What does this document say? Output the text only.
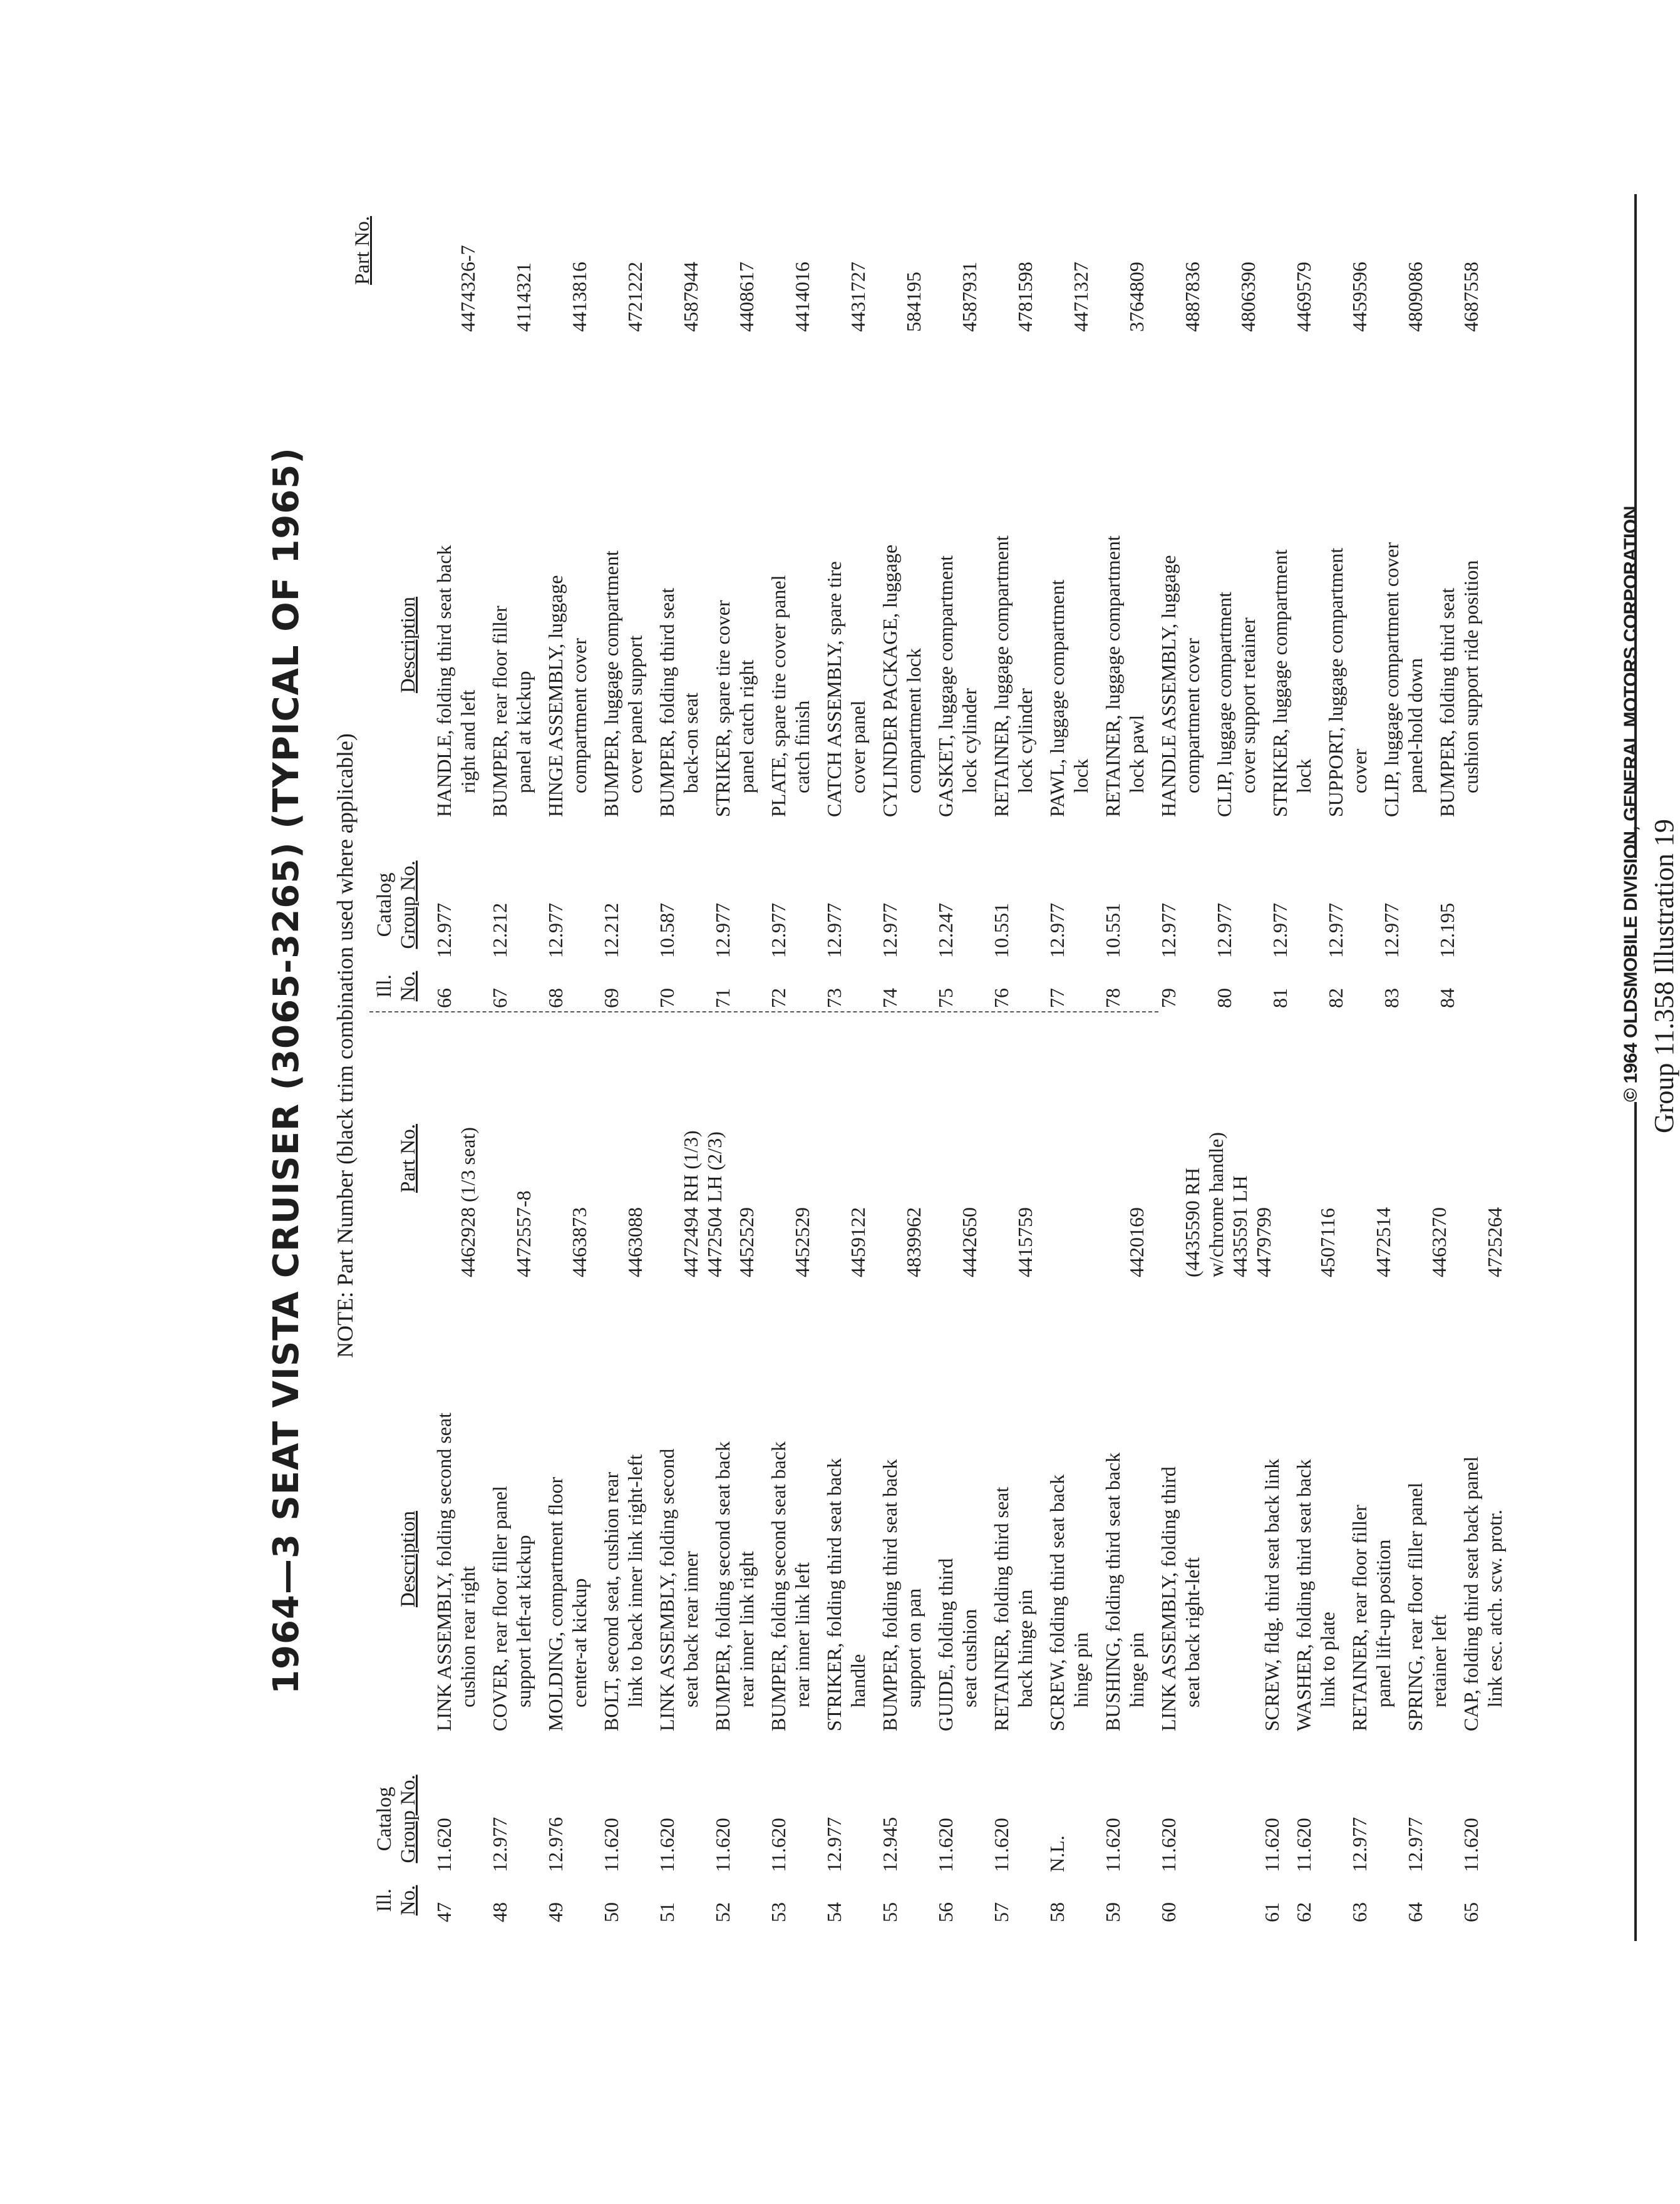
1964—3 SEAT VISTA CRUISER (3065-3265) (TYPICAL OF 1965) NOTE: Part Number (black trim combination used where applicable)
Ill. No.
Catalog Group No.
Description
Part No.
Ill. No.
Catalog Group No.
Description
Part No.
47
11.620
LINK ASSEMBLY, folding second seat cushion rear right
4462928 (1/3 seat)
48
12.977
COVER, rear floor filler panel support left-at kickup
4472557-8
49
12.976
MOLDING, compartment floor center-at kickup
4463873
50
11.620
BOLT, second seat, cushion rear link to back inner link right-left
4463088
51
11.620
LINK ASSEMBLY, folding second seat back rear inner
4472494 RH (1/3) 4472504 LH (2/3)
52
11.620
BUMPER, folding second seat back rear inner link right
4452529
53
11.620
BUMPER, folding second seat back rear inner link left
4452529
54
12.977
STRIKER, folding third seat back handle
4459122
55
12.945
BUMPER, folding third seat back support on pan
4839962
56
11.620
GUIDE, folding third seat cushion
4442650
57
11.620
RETAINER, folding third seat back hinge pin
4415759
58
N.L.
SCREW, folding third seat back hinge pin
59
11.620
BUSHING, folding third seat back hinge pin
4420169
60
11.620
LINK ASSEMBLY, folding third seat back right-left
(4435590 RH w/chrome handle) 4435591 LH 4479799
61
11.620
SCREW, fldg. third seat back link
62
11.620
WASHER, folding third seat back link to plate
4507116
63
12.977
RETAINER, rear floor filler panel lift-up position
4472514
64
12.977
SPRING, rear floor filler panel retainer left
4463270
65
11.620
CAP, folding third seat back panel link esc. atch. scw. protr.
4725264
66
12.977
HANDLE, folding third seat back right and left
4474326-7
67
12.212
BUMPER, rear floor filler panel at kickup
4114321
68
12.977
HINGE ASSEMBLY, luggage compartment cover
4413816
69
12.212
BUMPER, luggage compartment cover panel support
4721222
70
10.587
BUMPER, folding third seat back-on seat
4587944
71
12.977
STRIKER, spare tire cover panel catch right
4408617
72
12.977
PLATE, spare tire cover panel catch finish
4414016
73
12.977
CATCH ASSEMBLY, spare tire cover panel
4431727
74
12.977
CYLINDER PACKAGE, luggage compartment lock
584195
75
12.247
GASKET, luggage compartment lock cylinder
4587931
76
10.551
RETAINER, luggage compartment lock cylinder
4781598
77
12.977
PAWL, luggage compartment lock
4471327
78
10.551
RETAINER, luggage compartment lock pawl
3764809
79
12.977
HANDLE ASSEMBLY, luggage compartment cover
4887836
80
12.977
CLIP, luggage compartment cover support retainer
4806390
81
12.977
STRIKER, luggage compartment lock
4469579
82
12.977
SUPPORT, luggage compartment cover
4459596
83
12.977
CLIP, luggage compartment cover panel-hold down
4809086
84
12.195
BUMPER, folding third seat cushion support ride position
4687558
© 1964 OLDSMOBILE DIVISION, GENERAL MOTORS CORPORATION Group 11.358 Illustration 19
